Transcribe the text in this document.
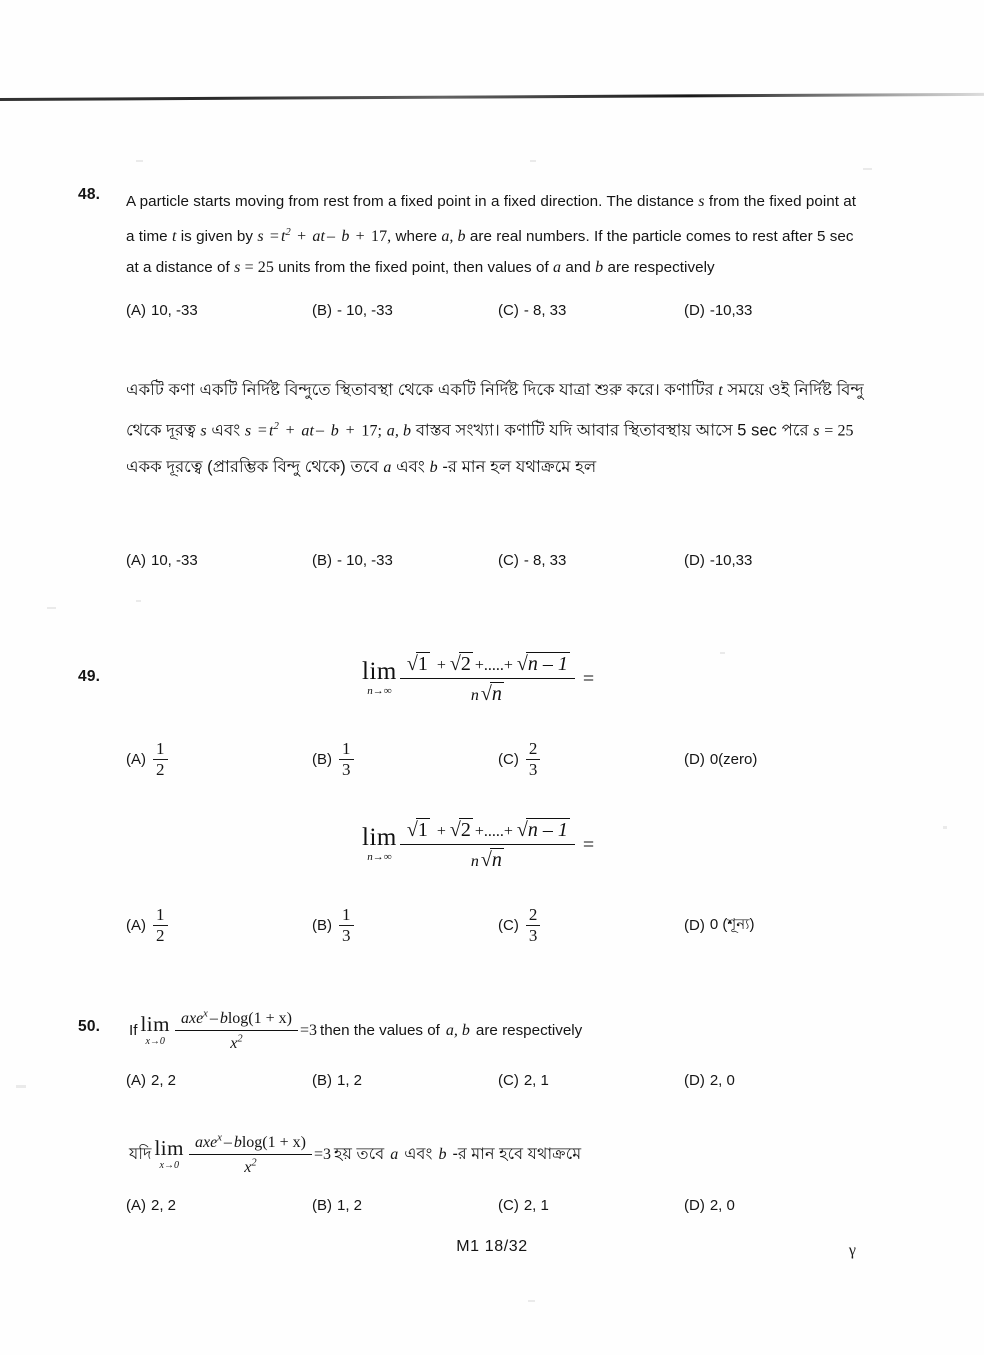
48.	A particle starts moving from rest from a fixed point in a fixed direction. The distance s from the fixed point at a time t is given by $s = t^2$ + at – b + 17, where a, b are real numbers. If the particle comes to rest after 5 sec at a distance of s = 25 units from the fixed point, then values of a and b are respectively
(A) 10, -33	(B) - 10, -33	(C) - 8, 33	(D) -10,33
একটি কণা একটি নির্দিষ্ট বিন্দুতে স্থিতাবস্থা থেকে একটি নির্দিষ্ট দিকে যাত্রা শুরু করে। কণাটির t সময়ে ওই নির্দিষ্ট বিন্দু থেকে দূরত্ব s এবং $s = t^2$ + at – b + 17; a, b বাস্তব সংখ্যা। কণাটি যদি আবার স্থিতাবস্থায় আসে 5 sec পরে s = 25 একক দূরত্বে (প্রারম্ভিক বিন্দু থেকে) তবে a এবং b -র মান হল যথাক্রমে হল
(A) 10, -33	(B) - 10, -33	(C) - 8, 33	(D) -10,33
49.	lim
$n\to\infty \frac{√1 + √2 +.....+ √n - 1}{n √n}$ =
$(A) \frac{1}{2}$	$(B) \frac{1}{3}$	$(C) \frac{2}{3}$	(D) 0(zero)
lim
$n\to\infty \frac{√1 + √2 +.....+ √n - 1}{n √n}$ =
$(A) \frac{1}{2}$	$(B) \frac{1}{3}$	$(C) \frac{2}{3}$	(D) 0 (শূন্য)
50.	If lim
x→0
axe$^x$ – blog(1 + x)
$x^2$
=3 then the values of a, b are respectively
(A) 2, 2	(B) 1, 2	(C) 2, 1	(D) 2, 0
যদি lim
x→0
axe$^x$ – blog(1 + x)
$x^2$
=3 হয় তবে a এবং b -র মান হবে যথাক্রমে
(A) 2, 2	(B) 1, 2	(C) 2, 1	(D) 2, 0
M1 18/32	γ
